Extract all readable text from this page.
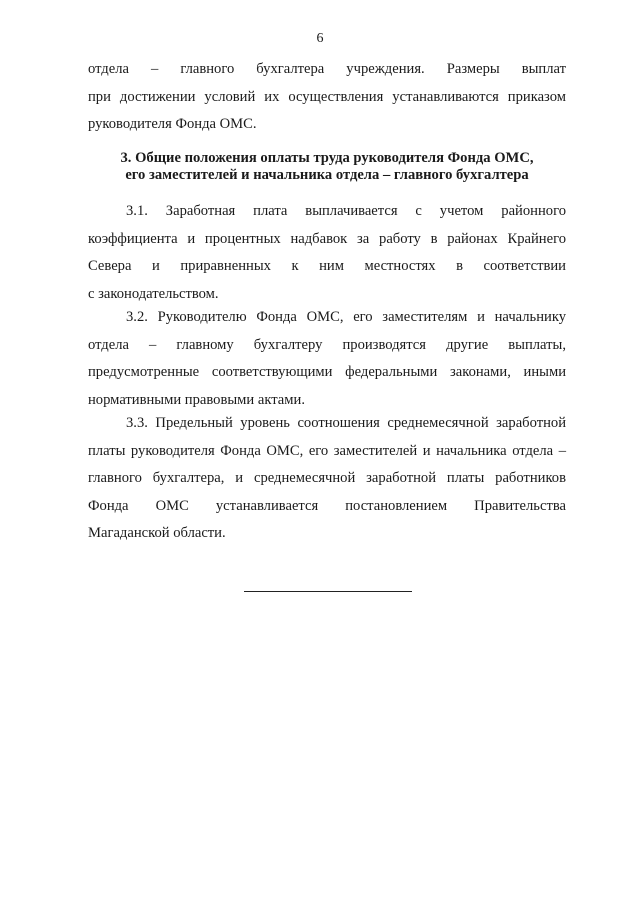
6
отдела – главного бухгалтера учреждения. Размеры выплат
при достижении условий их осуществления устанавливаются приказом
руководителя Фонда ОМС.
3. Общие положения оплаты труда руководителя Фонда ОМС,
его заместителей и начальника отдела – главного бухгалтера
3.1. Заработная плата выплачивается с учетом районного
коэффициента и процентных надбавок за работу в районах Крайнего
Севера и приравненных к ним местностях в соответствии
с законодательством.
3.2. Руководителю Фонда ОМС, его заместителям и начальнику
отдела – главному бухгалтеру производятся другие выплаты,
предусмотренные соответствующими федеральными законами, иными
нормативными правовыми актами.
3.3. Предельный уровень соотношения среднемесячной заработной
платы руководителя Фонда ОМС, его заместителей и начальника отдела –
главного бухгалтера, и среднемесячной заработной платы работников
Фонда ОМС устанавливается постановлением Правительства
Магаданской области.
